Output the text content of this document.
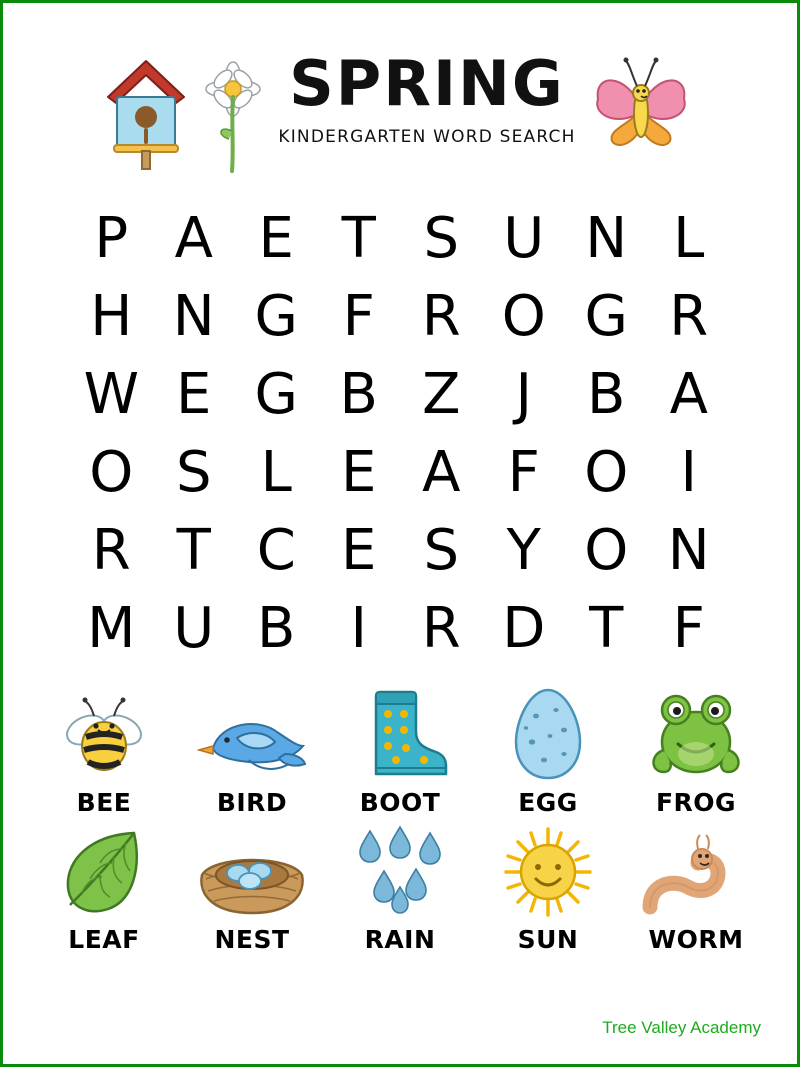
SPRING
KINDERGARTEN WORD SEARCH
P A E T S U N L
H N G F R O G R
W E G B Z J B A
O S L E A F O I
R T C E S Y O N
M U B I R D T F
BEE	BIRD	BOOT	EGG	FROG
LEAF	NEST	RAIN	SUN	WORM
Tree Valley Academy
